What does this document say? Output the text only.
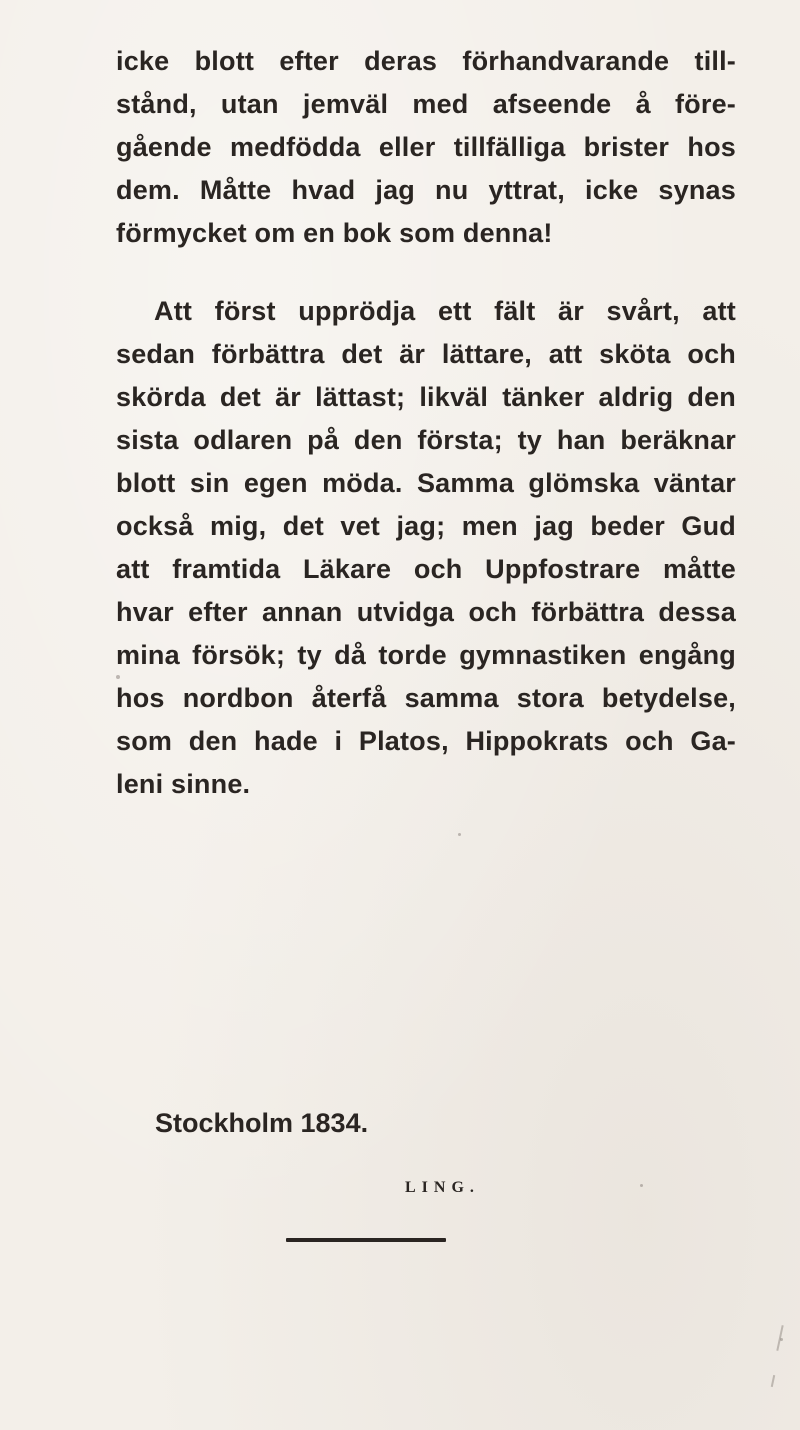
icke blott efter deras förhandvarande till-
stånd, utan jemväl med afseende å före-
gående medfödda eller tillfälliga brister hos
dem. Måtte hvad jag nu yttrat, icke synas
förmycket om en bok som denna!
Att först upprödja ett fält är svårt, att
sedan förbättra det är lättare, att sköta och
skörda det är lättast; likväl tänker aldrig den
sista odlaren på den första; ty han beräknar
blott sin egen möda. Samma glömska väntar
också mig, det vet jag; men jag beder Gud
att framtida Läkare och Uppfostrare måtte
hvar efter annan utvidga och förbättra dessa
mina försök; ty då torde gymnastiken engång
hos nordbon återfå samma stora betydelse,
som den hade i Platos, Hippokrats och Ga-
leni sinne.
Stockholm 1834.
LING.
